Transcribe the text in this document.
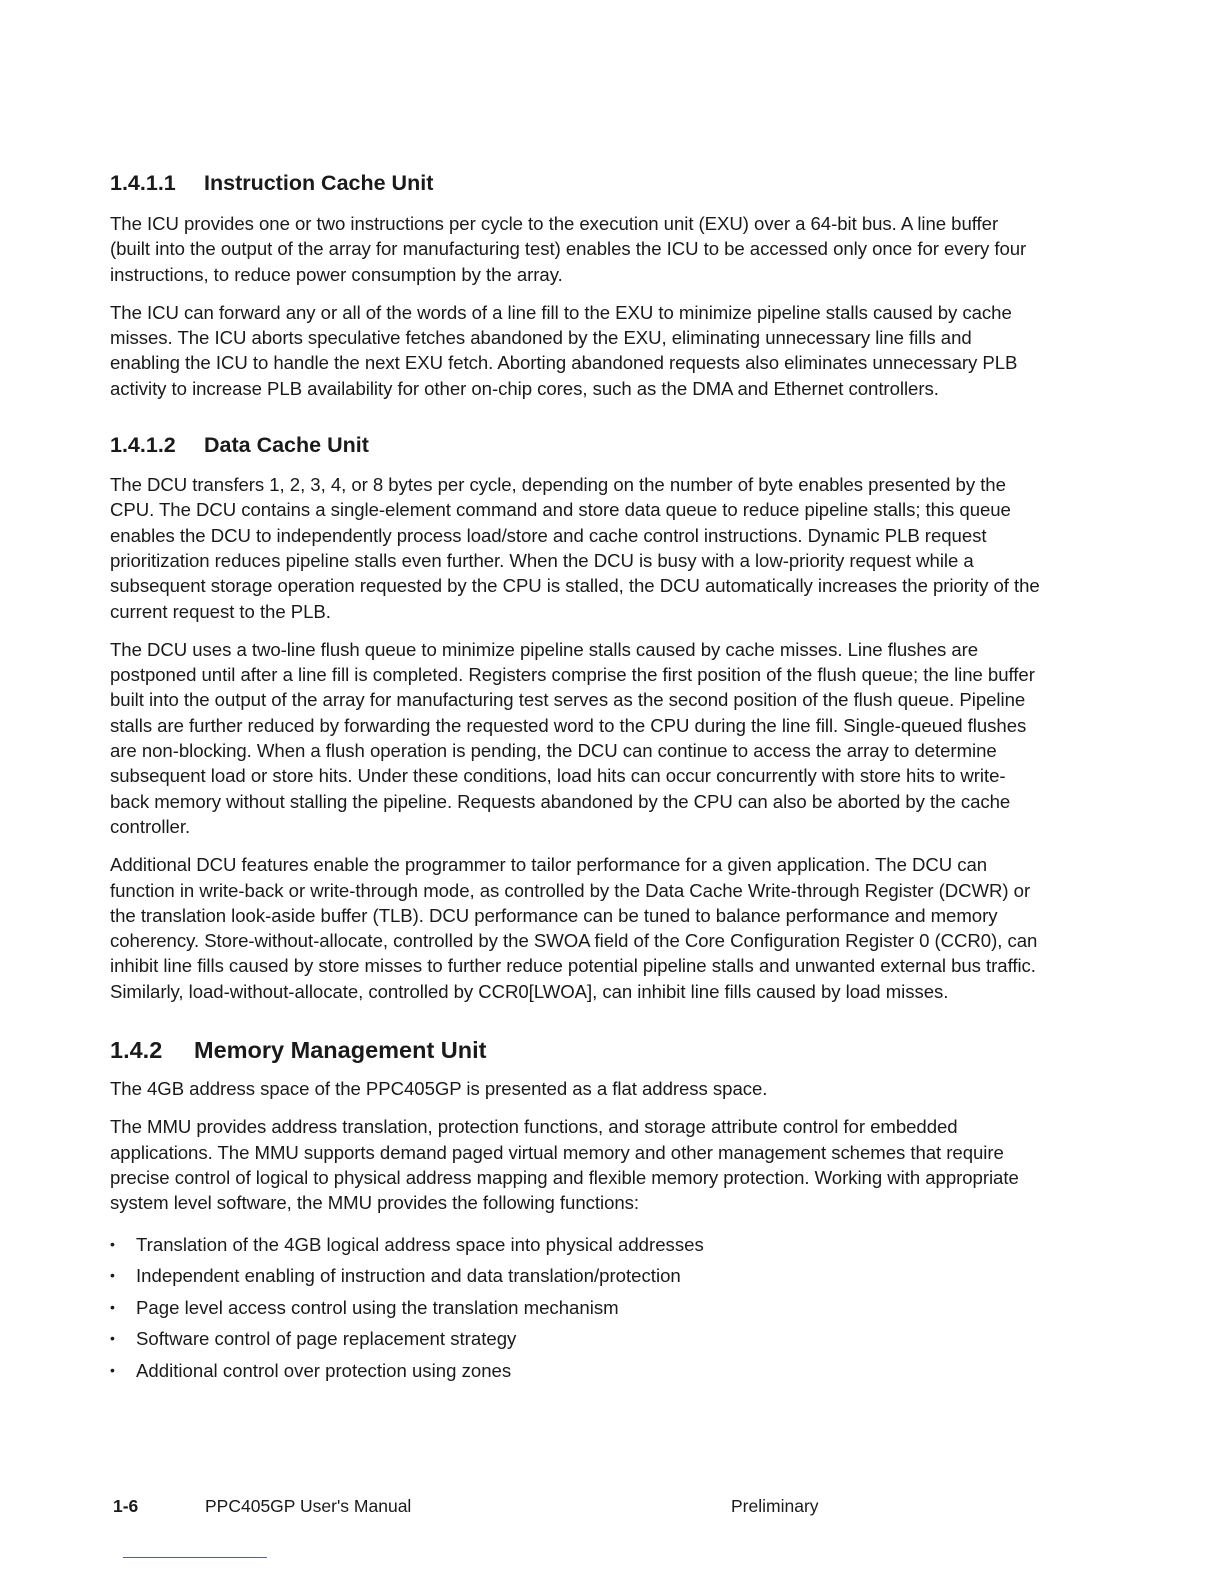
1.4.1.1 Instruction Cache Unit

The ICU provides one or two instructions per cycle to the execution unit (EXU) over a 64-bit bus. A line buffer (built into the output of the array for manufacturing test) enables the ICU to be accessed only once for every four instructions, to reduce power consumption by the array.

The ICU can forward any or all of the words of a line fill to the EXU to minimize pipeline stalls caused by cache misses. The ICU aborts speculative fetches abandoned by the EXU, eliminating unnecessary line fills and enabling the ICU to handle the next EXU fetch. Aborting abandoned requests also eliminates unnecessary PLB activity to increase PLB availability for other on-chip cores, such as the DMA and Ethernet controllers.

1.4.1.2 Data Cache Unit

The DCU transfers 1, 2, 3, 4, or 8 bytes per cycle, depending on the number of byte enables presented by the CPU. The DCU contains a single-element command and store data queue to reduce pipeline stalls; this queue enables the DCU to independently process load/store and cache control instructions. Dynamic PLB request prioritization reduces pipeline stalls even further. When the DCU is busy with a low-priority request while a subsequent storage operation requested by the CPU is stalled, the DCU automatically increases the priority of the current request to the PLB.

The DCU uses a two-line flush queue to minimize pipeline stalls caused by cache misses. Line flushes are postponed until after a line fill is completed. Registers comprise the first position of the flush queue; the line buffer built into the output of the array for manufacturing test serves as the second position of the flush queue. Pipeline stalls are further reduced by forwarding the requested word to the CPU during the line fill. Single-queued flushes are non-blocking. When a flush operation is pending, the DCU can continue to access the array to determine subsequent load or store hits. Under these conditions, load hits can occur concurrently with store hits to write-back memory without stalling the pipeline. Requests abandoned by the CPU can also be aborted by the cache controller.

Additional DCU features enable the programmer to tailor performance for a given application. The DCU can function in write-back or write-through mode, as controlled by the Data Cache Write-through Register (DCWR) or the translation look-aside buffer (TLB). DCU performance can be tuned to balance performance and memory coherency. Store-without-allocate, controlled by the SWOA field of the Core Configuration Register 0 (CCR0), can inhibit line fills caused by store misses to further reduce potential pipeline stalls and unwanted external bus traffic. Similarly, load-without-allocate, controlled by CCR0[LWOA], can inhibit line fills caused by load misses.

1.4.2 Memory Management Unit

The 4GB address space of the PPC405GP is presented as a flat address space.

The MMU provides address translation, protection functions, and storage attribute control for embedded applications. The MMU supports demand paged virtual memory and other management schemes that require precise control of logical to physical address mapping and flexible memory protection. Working with appropriate system level software, the MMU provides the following functions:

• Translation of the 4GB logical address space into physical addresses
• Independent enabling of instruction and data translation/protection
• Page level access control using the translation mechanism
• Software control of page replacement strategy
• Additional control over protection using zones
1-6	PPC405GP User's Manual	Preliminary
